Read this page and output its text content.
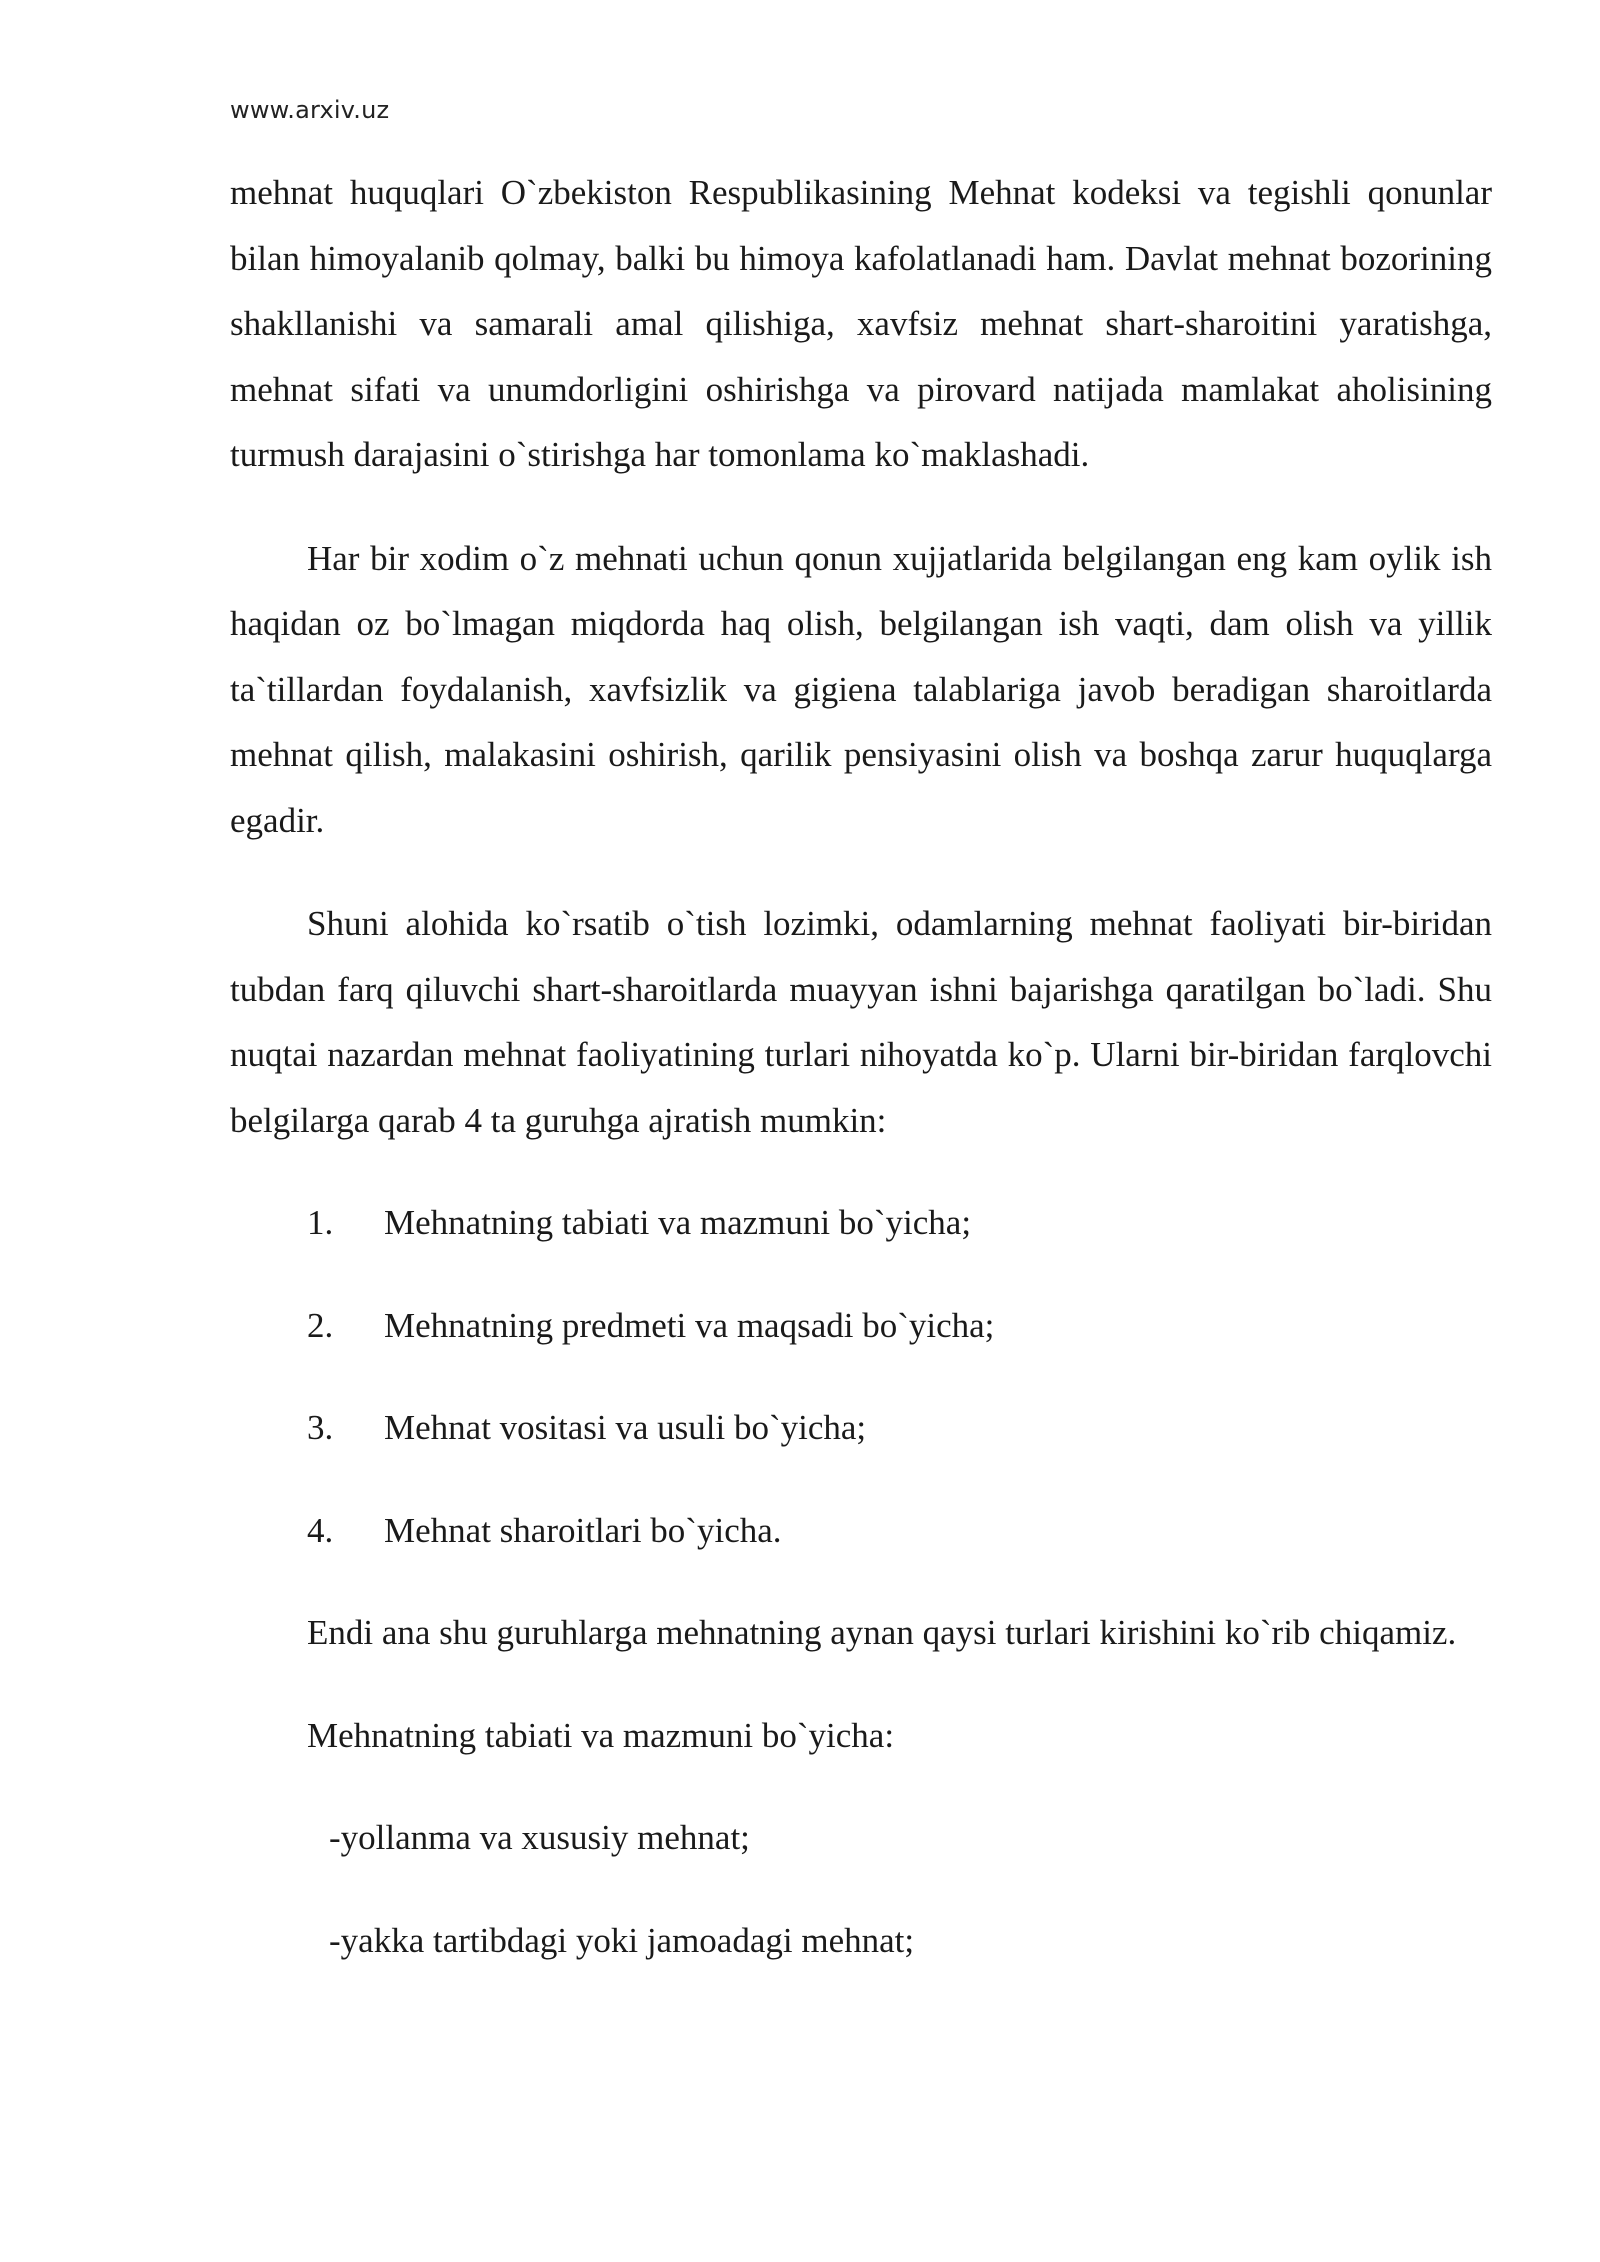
www.arxiv.uz

mehnat huquqlari O`zbekiston Respublikasining Mehnat kodeksi va tegishli qonunlar bilan himoyalanib qolmay, balki bu himoya kafolatlanadi ham. Davlat mehnat bozorining shakllanishi va samarali amal qilishiga, xavfsiz mehnat shart-sharoitini yaratishga, mehnat sifati va unumdorligini oshirishga va pirovard natijada mamlakat aholisining turmush darajasini o`stirishga har tomonlama ko`maklashadi.

Har bir xodim o`z mehnati uchun qonun xujjatlarida belgilangan eng kam oylik ish haqidan oz bo`lmagan miqdorda haq olish, belgilangan ish vaqti, dam olish va yillik ta`tillardan foydalanish, xavfsizlik va gigiena talablariga javob beradigan sharoitlarda mehnat qilish, malakasini oshirish, qarilik pensiyasini olish va boshqa zarur huquqlarga egadir.

Shuni alohida ko`rsatib o`tish lozimki, odamlarning mehnat faoliyati bir-biridan tubdan farq qiluvchi shart-sharoitlarda muayyan ishni bajarishga qaratilgan bo`ladi. Shu nuqtai nazardan mehnat faoliyatining turlari nihoyatda ko`p. Ularni bir-biridan farqlovchi belgilarga qarab 4 ta guruhga ajratish mumkin:

1.	Mehnatning tabiati va mazmuni bo`yicha;
2.	Mehnatning predmeti va maqsadi bo`yicha;
3.	Mehnat vositasi va usuli bo`yicha;
4.	Mehnat sharoitlari bo`yicha.

Endi ana shu guruhlarga mehnatning aynan qaysi turlari kirishini ko`rib chiqamiz.

Mehnatning tabiati va mazmuni bo`yicha:

-yollanma va xususiy mehnat;

-yakka tartibdagi yoki jamoadagi mehnat;
